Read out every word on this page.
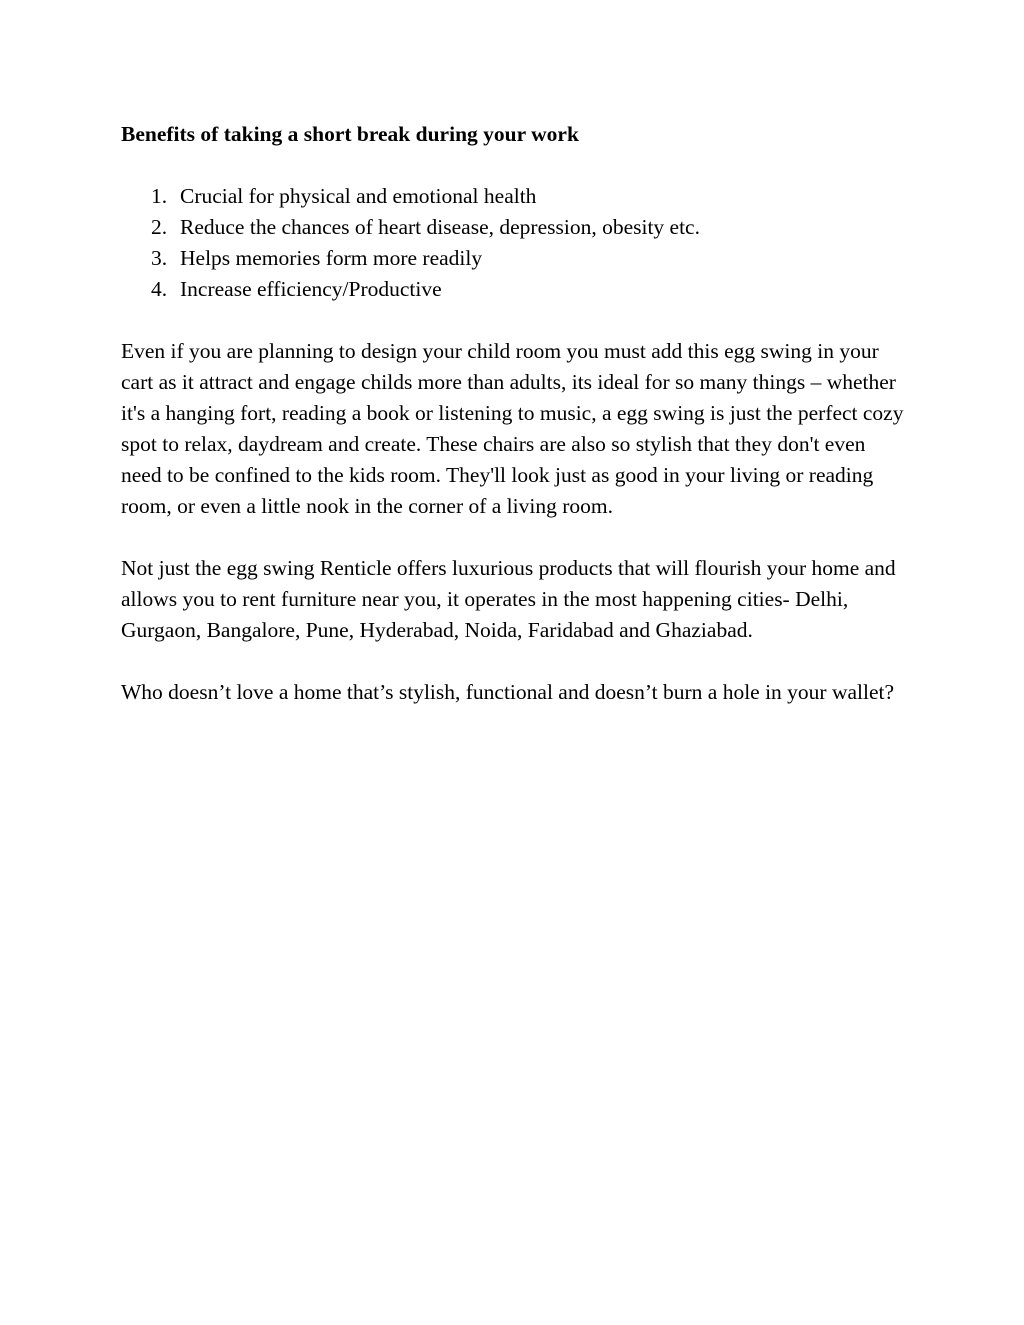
Benefits of taking a short break during your work
1. Crucial for physical and emotional health
2. Reduce the chances of heart disease, depression, obesity etc.
3. Helps memories form more readily
4. Increase efficiency/Productive

Even if you are planning to design your child room you must add this egg swing in your
cart as it attract and engage childs more than adults, its ideal for so many things – whether
it's a hanging fort, reading a book or listening to music, a egg swing is just the perfect cozy
spot to relax, daydream and create. These chairs are also so stylish that they don't even
need to be confined to the kids room. They'll look just as good in your living or reading
room, or even a little nook in the corner of a living room.

Not just the egg swing Renticle offers luxurious products that will flourish your home and
allows you to rent furniture near you, it operates in the most happening cities- Delhi,
Gurgaon, Bangalore, Pune, Hyderabad, Noida, Faridabad and Ghaziabad.

Who doesn’t love a home that’s stylish, functional and doesn’t burn a hole in your wallet?
